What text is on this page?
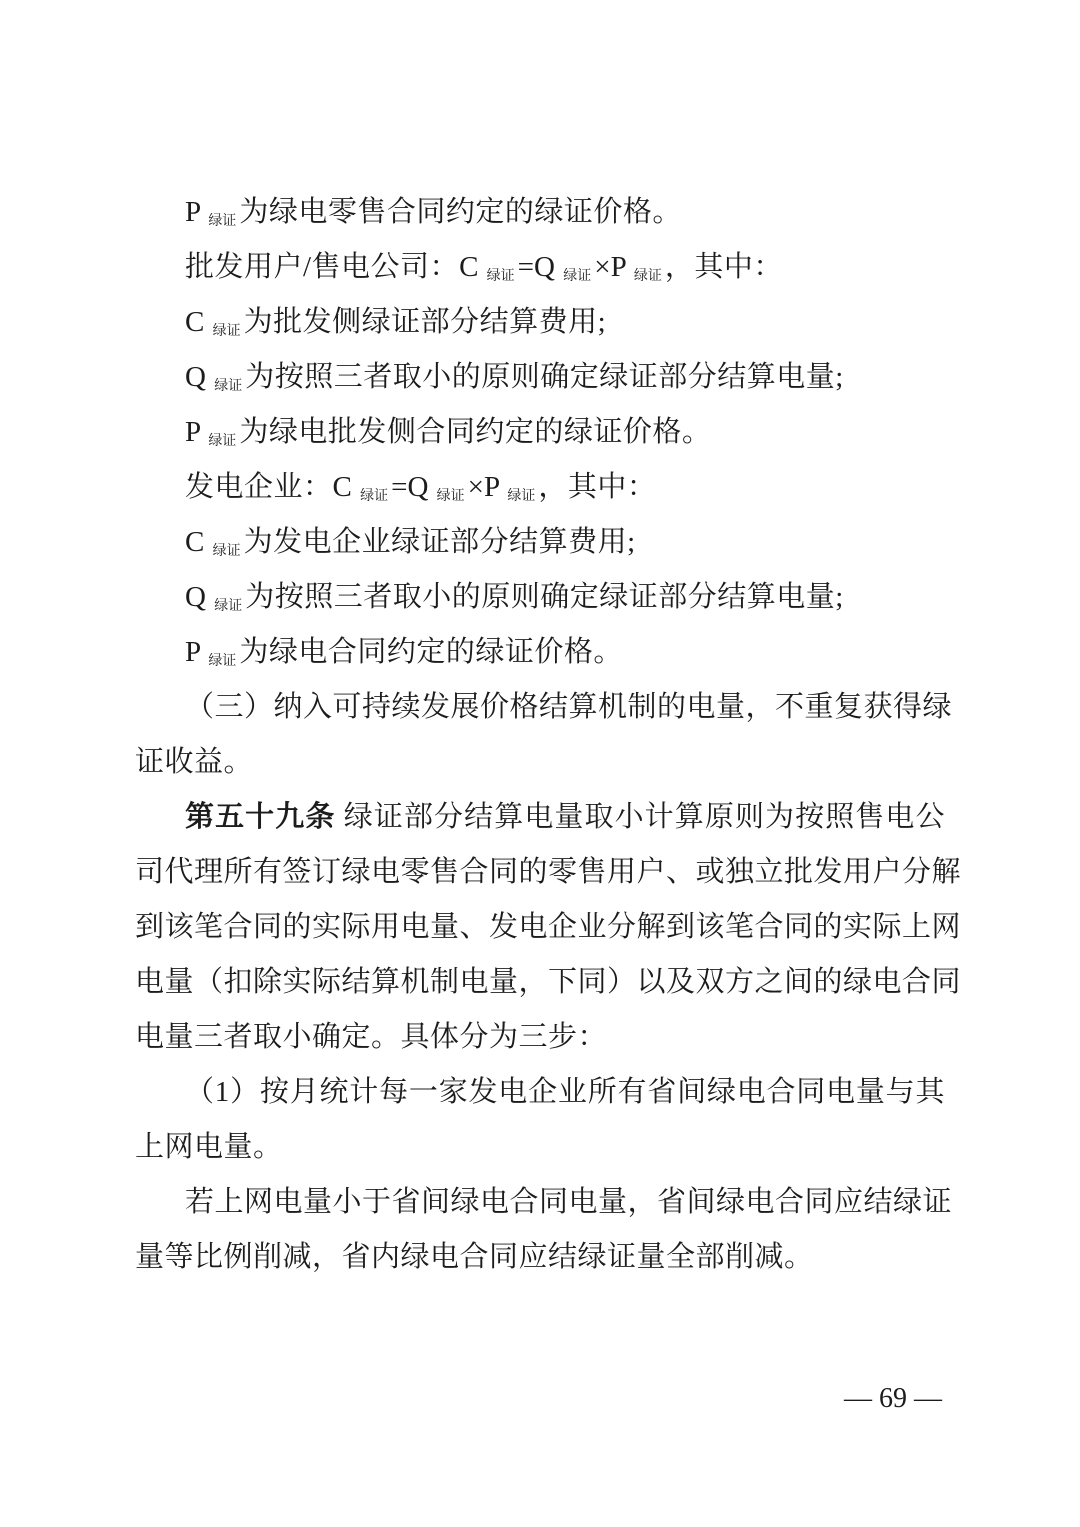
P 绿证 为绿电零售合同约定的绿证价格。
批发用户/售电公司：C 绿证 =Q 绿证 ×P 绿证 ，其中：
C 绿证 为批发侧绿证部分结算费用;
Q 绿证 为按照三者取小的原则确定绿证部分结算电量;
P 绿证 为绿电批发侧合同约定的绿证价格。
发电企业：C 绿证 =Q 绿证 ×P 绿证 ，其中：
C 绿证 为发电企业绿证部分结算费用;
Q 绿证 为按照三者取小的原则确定绿证部分结算电量;
P 绿证 为绿电合同约定的绿证价格。
（三）纳入可持续发展价格结算机制的电量，不重复获得绿
证收益。
第五十九条 绿证部分结算电量取小计算原则为按照售电公
司代理所有签订绿电零售合同的零售用户、或独立批发用户分解
到该笔合同的实际用电量、发电企业分解到该笔合同的实际上网
电量（扣除实际结算机制电量，下同）以及双方之间的绿电合同
电量三者取小确定。具体分为三步：
（1）按月统计每一家发电企业所有省间绿电合同电量与其
上网电量。
若上网电量小于省间绿电合同电量，省间绿电合同应结绿证
量等比例削减，省内绿电合同应结绿证量全部削减。
— 69 —
